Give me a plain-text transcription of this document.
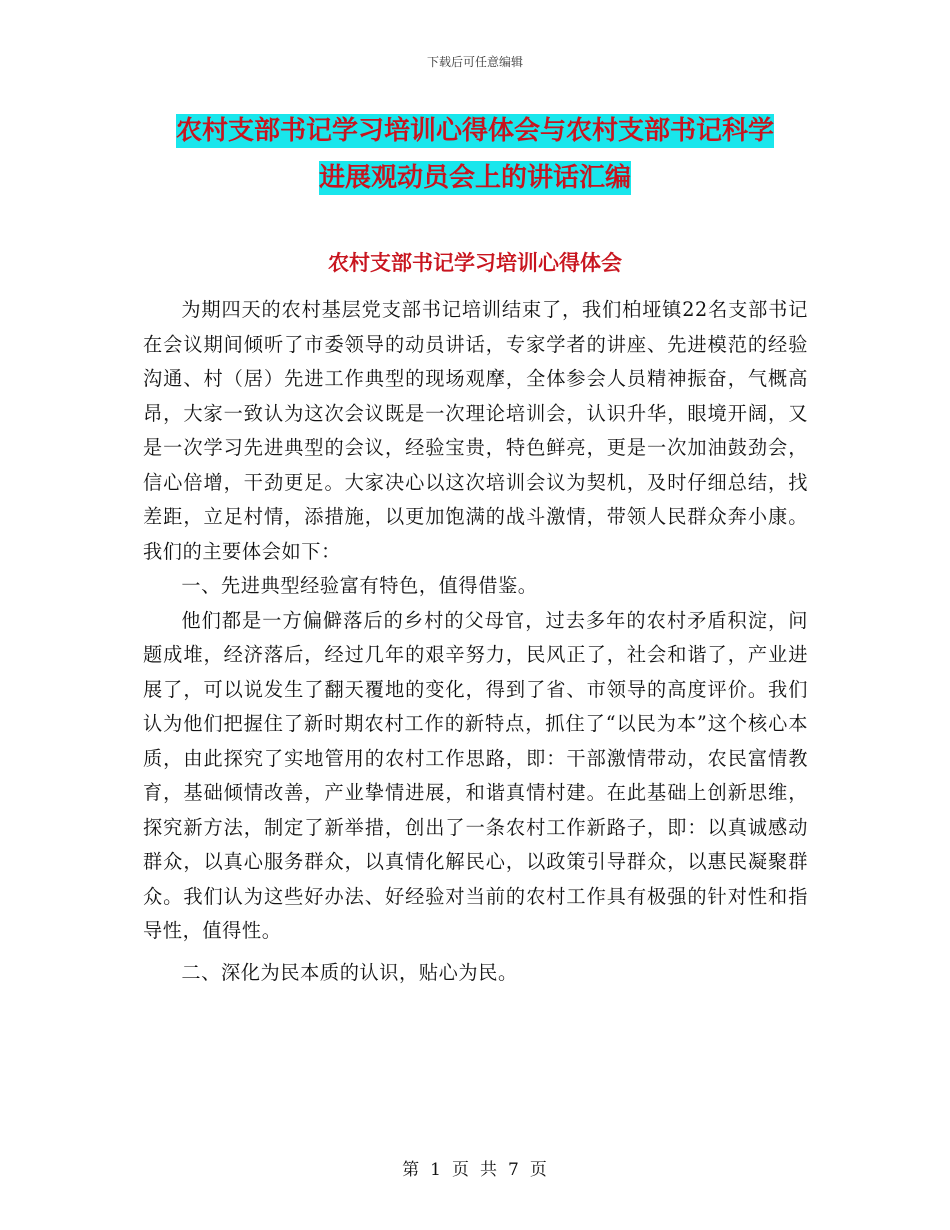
下载后可任意编辑
农村支部书记学习培训心得体会与农村支部书记科学
进展观动员会上的讲话汇编
农村支部书记学习培训心得体会

为期四天的农村基层党支部书记培训结束了，我们柏垭镇22名支部书记在会议期间倾听了市委领导的动员讲话，专家学者的讲座、先进模范的经验沟通、村（居）先进工作典型的现场观摩，全体参会人员精神振奋，气概高昂，大家一致认为这次会议既是一次理论培训会，认识升华，眼境开阔，又是一次学习先进典型的会议，经验宝贵，特色鲜亮，更是一次加油鼓劲会，信心倍增，干劲更足。大家决心以这次培训会议为契机，及时仔细总结，找差距，立足村情，添措施，以更加饱满的战斗激情，带领人民群众奔小康。我们的主要体会如下：

一、先进典型经验富有特色，值得借鉴。

他们都是一方偏僻落后的乡村的父母官，过去多年的农村矛盾积淀，问题成堆，经济落后，经过几年的艰辛努力，民风正了，社会和谐了，产业进展了，可以说发生了翻天覆地的变化，得到了省、市领导的高度评价。我们认为他们把握住了新时期农村工作的新特点，抓住了“以民为本”这个核心本质，由此探究了实地管用的农村工作思路，即：干部激情带动，农民富情教育，基础倾情改善，产业挚情进展，和谐真情村建。在此基础上创新思维，探究新方法，制定了新举措，创出了一条农村工作新路子，即：以真诚感动群众，以真心服务群众，以真情化解民心，以政策引导群众，以惠民凝聚群众。我们认为这些好办法、好经验对当前的农村工作具有极强的针对性和指导性，值得性。

二、深化为民本质的认识，贴心为民。

第 1 页 共 7 页
